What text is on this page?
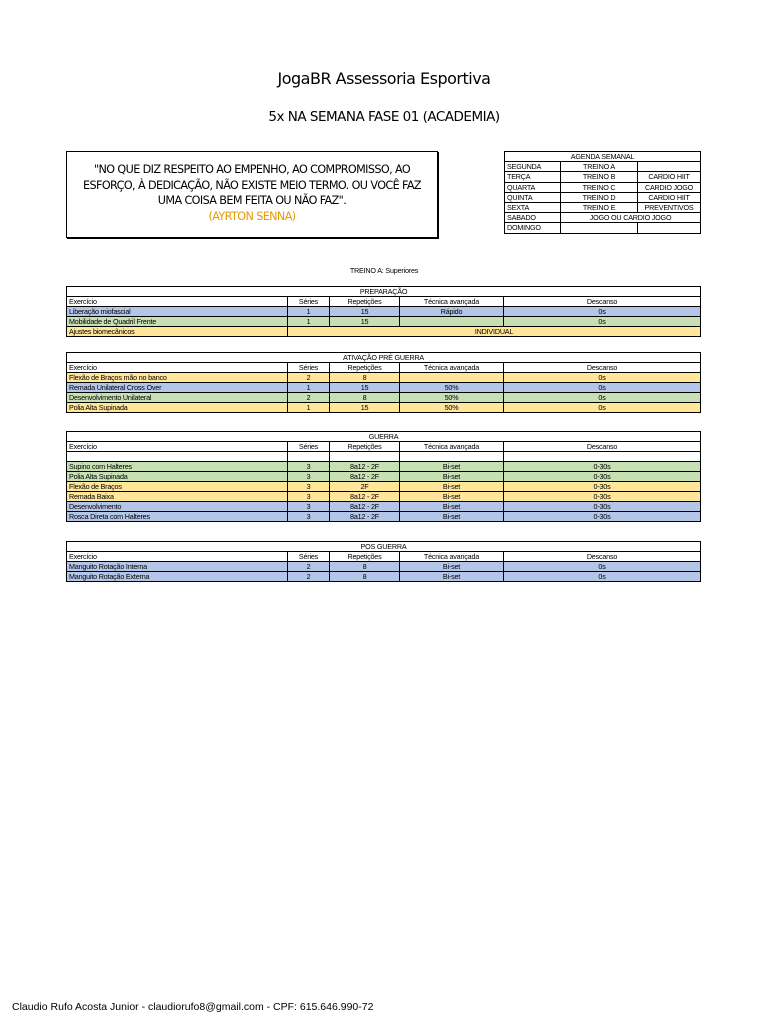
JogaBR Assessoria Esportiva
5x NA SEMANA FASE 01 (ACADEMIA)
"NO QUE DIZ RESPEITO AO EMPENHO, AO COMPROMISSO, AO ESFORÇO, À DEDICAÇÃO, NÃO EXISTE MEIO TERMO. OU VOCÊ FAZ UMA COISA BEM FEITA OU NÃO FAZ".
(AYRTON SENNA)
AGENDA SEMANAL		
SEGUNDA	TREINO A	
TERÇA	TREINO B	CARDIO HIIT
QUARTA	TREINO C	CARDIO JOGO
QUINTA	TREINO D	CARDIO HIIT
SEXTA	TREINO E	PREVENTIVOS
SABADO	JOGO OU CARDIO JOGO	
DOMINGO		
TREINO A: Superiores
PREPARAÇÃO				
Exercício	Séries	Repetições	Técnica avançada	Descanso
Liberação miofascial	1	15	Rápido	0s
Mobilidade de Quadril Frente	1	15		0s
Ajustes biomecânicos	INDIVIDUAL			
ATIVAÇÃO PRÉ GUERRA				
Exercício	Séries	Repetições	Técnica avançada	Descanso
Flexão de Braços mão no banco	2	8		0s
Remada Unilateral Cross Over	1	15	50%	0s
Desenvolvimento Unilateral	2	8	50%	0s
Polia Alta Supinada	1	15	50%	0s
GUERRA				
Exercício	Séries	Repetições	Técnica avançada	Descanso

Supino com Halteres	3	8a12 - 2F	Bi-set	0-30s
Polia Alta Supinada	3	8a12 - 2F	Bi-set	0-30s
Flexão de Braços	3	2F	Bi-set	0-30s
Remada Baixa	3	8a12 - 2F	Bi-set	0-30s
Desenvolvimento	3	8a12 - 2F	Bi-set	0-30s
Rosca Direta com Halteres	3	8a12 - 2F	Bi-set	0-30s
POS GUERRA				
Exercício	Séries	Repetições	Técnica avançada	Descanso
Manguito Rotação Interna	2	8	Bi-set	0s
Manguito Rotação Externa	2	8	Bi-set	0s
Claudio Rufo Acosta Junior - claudiorufo8@gmail.com - CPF: 615.646.990-72
